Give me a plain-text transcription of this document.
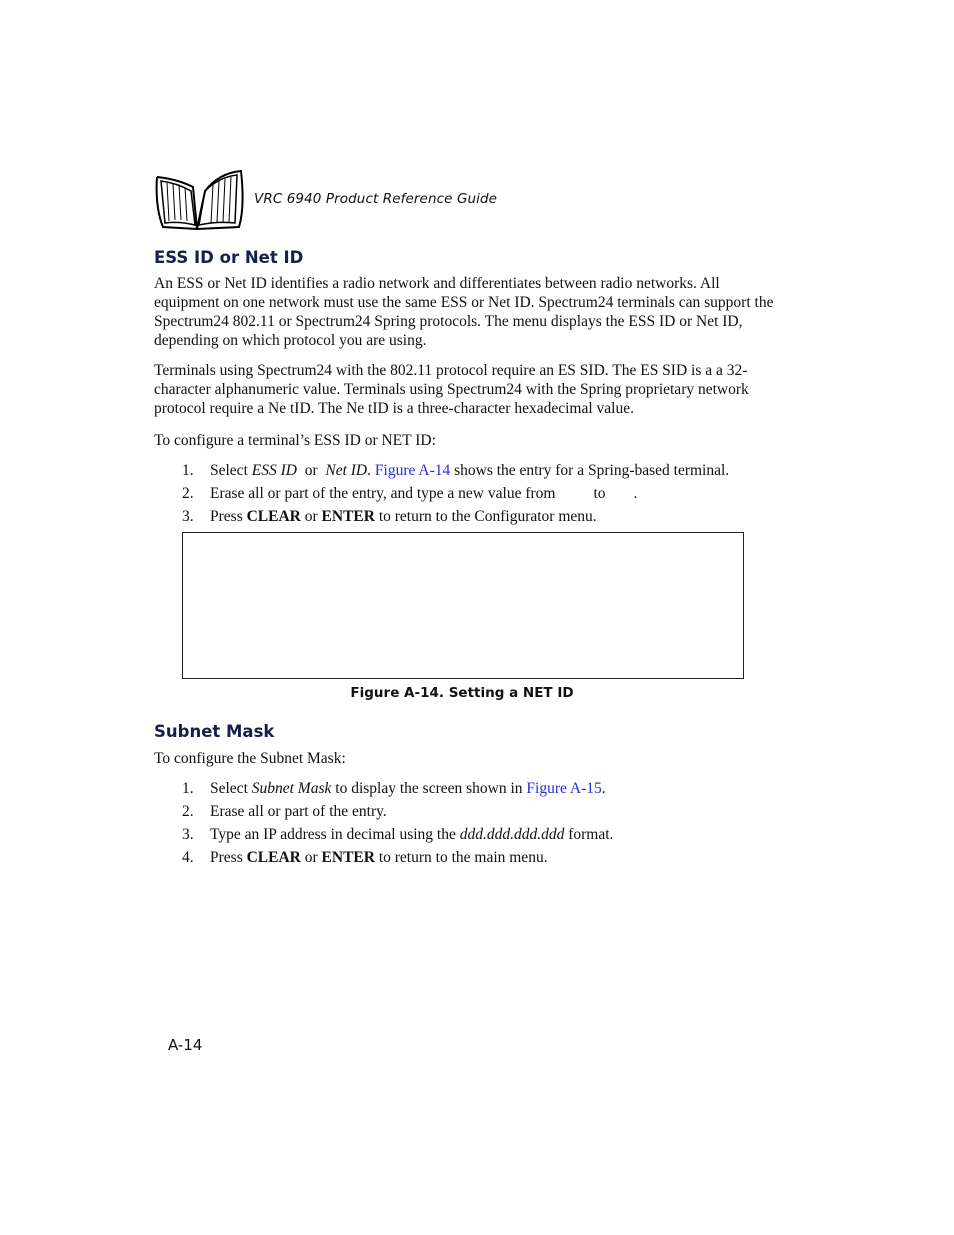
VRC 6940 Product Reference Guide
ESS ID or Net ID
An ESS or Net ID identifies a radio network and differentiates between radio networks. All equipment on one network must use the same ESS or Net ID. Spectrum24 terminals can support the Spectrum24 802.11 or Spectrum24 Spring protocols. The menu displays the ESS ID or Net ID, depending on which protocol you are using.
Terminals using Spectrum24 with the 802.11 protocol require an ES SID. The ES SID is a a 32-character alphanumeric value. Terminals using Spectrum24 with the Spring proprietary network protocol require a Ne tID. The Ne tID is a three-character hexadecimal value.
To configure a terminal’s ESS ID or NET ID:
1. Select ESS ID  or  Net ID. Figure A-14 shows the entry for a Spring-based terminal.
2. Erase all or part of the entry, and type a new value from to .
3. Press CLEAR or ENTER to return to the Configurator menu.
Figure A-14. Setting a NET ID
Subnet Mask
To configure the Subnet Mask:
1. Select Subnet Mask to display the screen shown in Figure A-15.
2. Erase all or part of the entry.
3. Type an IP address in decimal using the ddd.ddd.ddd.ddd format.
4. Press CLEAR or ENTER to return to the main menu.
A-14
